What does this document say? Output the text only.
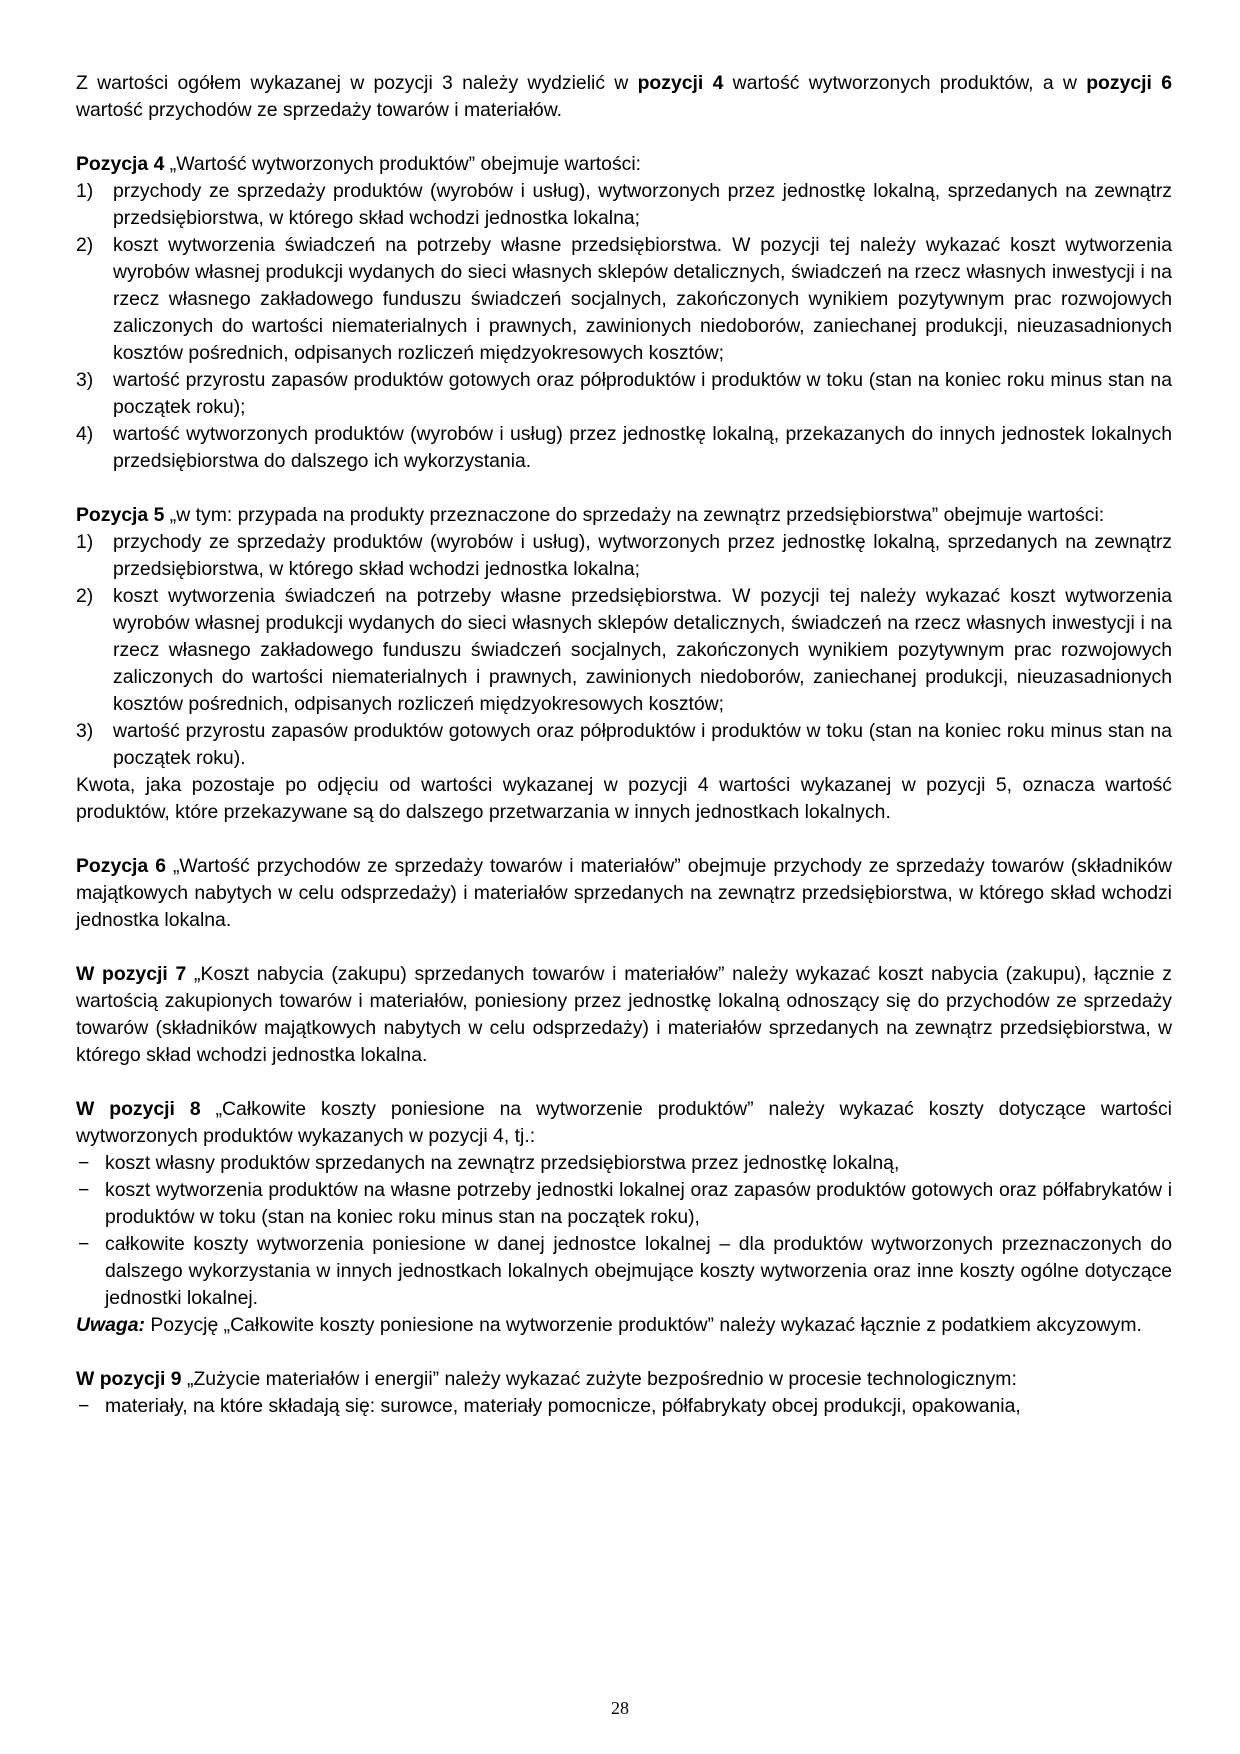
Z wartości ogółem wykazanej w pozycji 3 należy wydzielić w pozycji 4 wartość wytworzonych produktów, a w pozycji 6 wartość przychodów ze sprzedaży towarów i materiałów.

Pozycja 4 „Wartość wytworzonych produktów” obejmuje wartości:

1) przychody ze sprzedaży produktów (wyrobów i usług), wytworzonych przez jednostkę lokalną, sprzedanych na zewnątrz przedsiębiorstwa, w którego skład wchodzi jednostka lokalna;
2) koszt wytworzenia świadczeń na potrzeby własne przedsiębiorstwa. W pozycji tej należy wykazać koszt wytworzenia wyrobów własnej produkcji wydanych do sieci własnych sklepów detalicznych, świadczeń na rzecz własnych inwestycji i na rzecz własnego zakładowego funduszu świadczeń socjalnych, zakończonych wynikiem pozytywnym prac rozwojowych zaliczonych do wartości niematerialnych i prawnych, zawinionych niedoborów, zaniechanej produkcji, nieuzasadnionych kosztów pośrednich, odpisanych rozliczeń międzyokresowych kosztów;
3) wartość przyrostu zapasów produktów gotowych oraz półproduktów i produktów w toku (stan na koniec roku minus stan na początek roku);
4) wartość wytworzonych produktów (wyrobów i usług) przez jednostkę lokalną, przekazanych do innych jednostek lokalnych przedsiębiorstwa do dalszego ich wykorzystania.

Pozycja 5 „w tym: przypada na produkty przeznaczone do sprzedaży na zewnątrz przedsiębiorstwa” obejmuje wartości:

1) przychody ze sprzedaży produktów (wyrobów i usług), wytworzonych przez jednostkę lokalną, sprzedanych na zewnątrz przedsiębiorstwa, w którego skład wchodzi jednostka lokalna;
2) koszt wytworzenia świadczeń na potrzeby własne przedsiębiorstwa. W pozycji tej należy wykazać koszt wytworzenia wyrobów własnej produkcji wydanych do sieci własnych sklepów detalicznych, świadczeń na rzecz własnych inwestycji i na rzecz własnego zakładowego funduszu świadczeń socjalnych, zakończonych wynikiem pozytywnym prac rozwojowych zaliczonych do wartości niematerialnych i prawnych, zawinionych niedoborów, zaniechanej produkcji, nieuzasadnionych kosztów pośrednich, odpisanych rozliczeń międzyokresowych kosztów;
3) wartość przyrostu zapasów produktów gotowych oraz półproduktów i produktów w toku (stan na koniec roku minus stan na początek roku).

Kwota, jaka pozostaje po odjęciu od wartości wykazanej w pozycji 4 wartości wykazanej w pozycji 5, oznacza wartość produktów, które przekazywane są do dalszego przetwarzania w innych jednostkach lokalnych.

Pozycja 6 „Wartość przychodów ze sprzedaży towarów i materiałów” obejmuje przychody ze sprzedaży towarów (składników majątkowych nabytych w celu odsprzedaży) i materiałów sprzedanych na zewnątrz przedsiębiorstwa, w którego skład wchodzi jednostka lokalna.

W pozycji 7 „Koszt nabycia (zakupu) sprzedanych towarów i materiałów” należy wykazać koszt nabycia (zakupu), łącznie z wartością zakupionych towarów i materiałów, poniesiony przez jednostkę lokalną odnoszący się do przychodów ze sprzedaży towarów (składników majątkowych nabytych w celu odsprzedaży) i materiałów sprzedanych na zewnątrz przedsiębiorstwa, w którego skład wchodzi jednostka lokalna.

W pozycji 8 „Całkowite koszty poniesione na wytworzenie produktów” należy wykazać koszty dotyczące wartości wytworzonych produktów wykazanych w pozycji 4, tj.:

− koszt własny produktów sprzedanych na zewnątrz przedsiębiorstwa przez jednostkę lokalną,
− koszt wytworzenia produktów na własne potrzeby jednostki lokalnej oraz zapasów produktów gotowych oraz półfabrykatów i produktów w toku (stan na koniec roku minus stan na początek roku),
− całkowite koszty wytworzenia poniesione w danej jednostce lokalnej – dla produktów wytworzonych przeznaczonych do dalszego wykorzystania w innych jednostkach lokalnych obejmujące koszty wytworzenia oraz inne koszty ogólne dotyczące jednostki lokalnej.

Uwaga: Pozycję „Całkowite koszty poniesione na wytworzenie produktów” należy wykazać łącznie z podatkiem akcyzowym.

W pozycji 9 „Zużycie materiałów i energii” należy wykazać zużyte bezpośrednio w procesie technologicznym:

− materiały, na które składają się: surowce, materiały pomocnicze, półfabrykaty obcej produkcji, opakowania,
28
